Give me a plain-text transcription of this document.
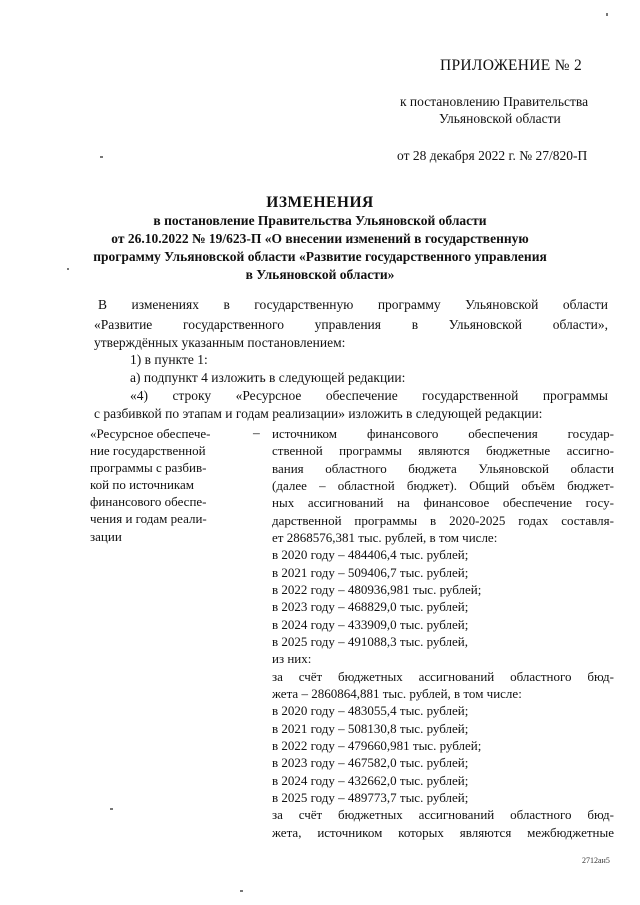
ПРИЛОЖЕНИЕ № 2
к постановлению Правительства
Ульяновской области
от 28 декабря 2022 г. № 27/820-П
ИЗМЕНЕНИЯ
в постановление Правительства Ульяновской области
от 26.10.2022 № 19/623-П «О внесении изменений в государственную
программу Ульяновской области «Развитие государственного управления
в Ульяновской области»
В изменениях в государственную программу Ульяновской области
«Развитие государственного управления в Ульяновской области»,
утверждённых указанным постановлением:
1) в пункте 1:
а) подпункт 4 изложить в следующей редакции:
«4) строку «Ресурсное обеспечение государственной программы
с разбивкой по этапам и годам реализации» изложить в следующей редакции:
«Ресурсное обеспече-
ние государственной
программы с разбив-
кой по источникам
финансового обеспе-
чения и годам реали-
зации
– источником финансового обеспечения государ-
ственной программы являются бюджетные ассигно-
вания областного бюджета Ульяновской области
(далее – областной бюджет). Общий объём бюджет-
ных ассигнований на финансовое обеспечение госу-
дарственной программы в 2020-2025 годах составля-
ет 2868576,381 тыс. рублей, в том числе:
в 2020 году – 484406,4 тыс. рублей;
в 2021 году – 509406,7 тыс. рублей;
в 2022 году – 480936,981 тыс. рублей;
в 2023 году – 468829,0 тыс. рублей;
в 2024 году – 433909,0 тыс. рублей;
в 2025 году – 491088,3 тыс. рублей,
из них:
за счёт бюджетных ассигнований областного бюд-
жета – 2860864,881 тыс. рублей, в том числе:
в 2020 году – 483055,4 тыс. рублей;
в 2021 году – 508130,8 тыс. рублей;
в 2022 году – 479660,981 тыс. рублей;
в 2023 году – 467582,0 тыс. рублей;
в 2024 году – 432662,0 тыс. рублей;
в 2025 году – 489773,7 тыс. рублей;
за счёт бюджетных ассигнований областного бюд-
жета, источником которых являются межбюджетные
2712ан5
